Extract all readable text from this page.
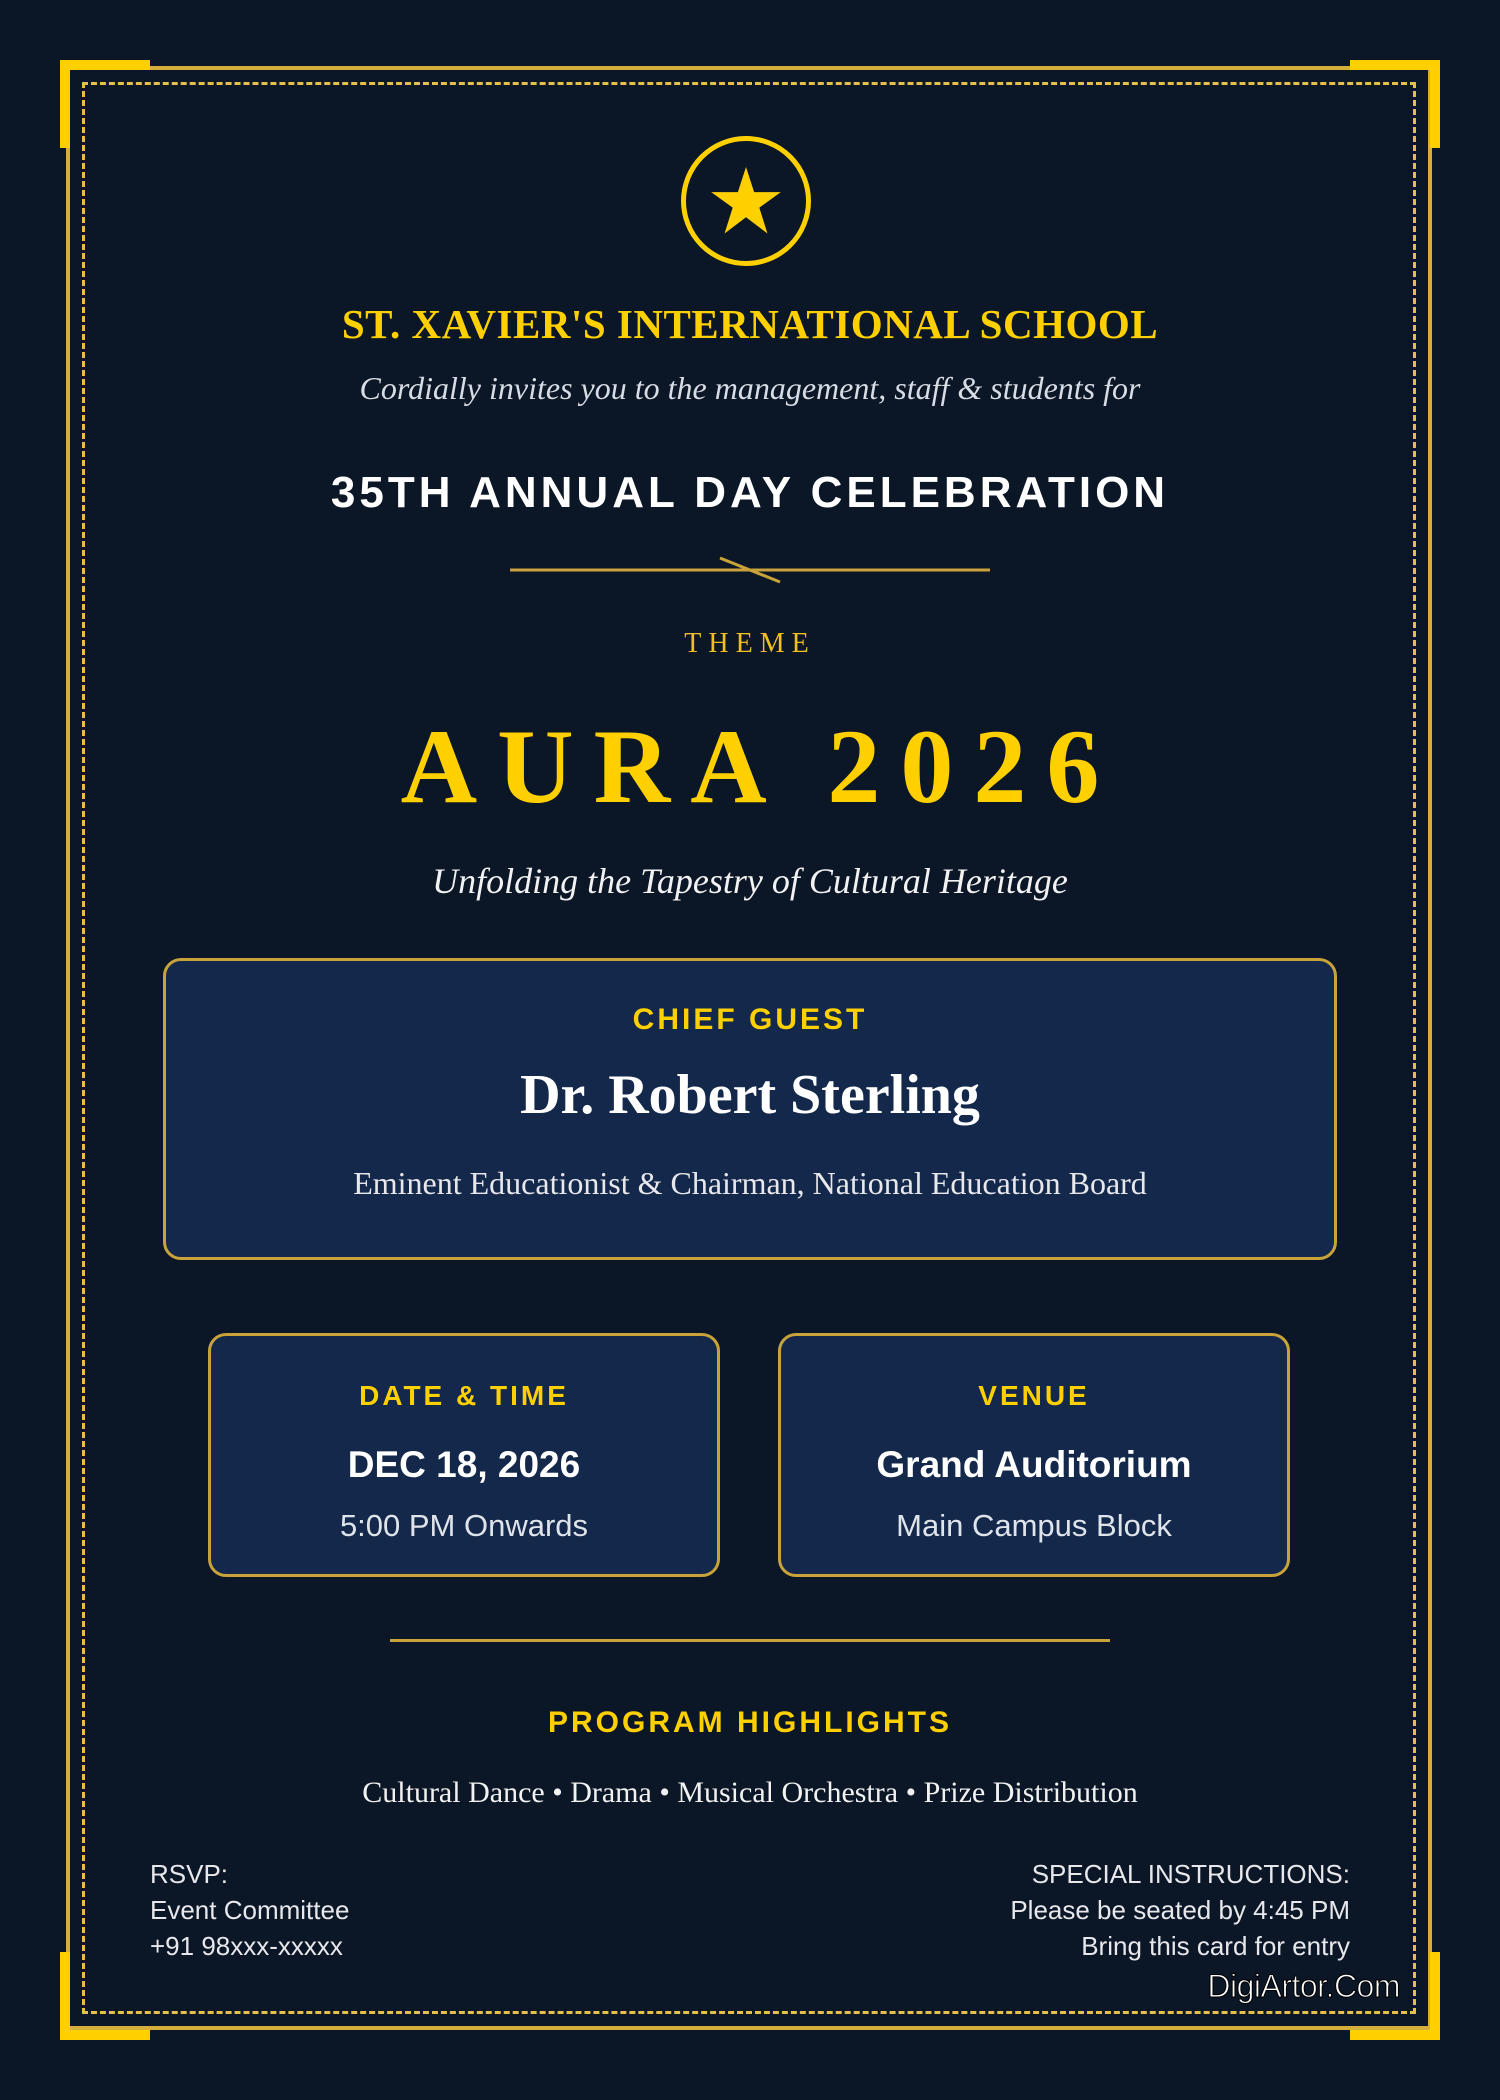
ST. XAVIER'S INTERNATIONAL SCHOOL
Cordially invites you to the management, staff & students for
35TH ANNUAL DAY CELEBRATION
THEME
AURA 2026
Unfolding the Tapestry of Cultural Heritage
CHIEF GUEST
Dr. Robert Sterling
Eminent Educationist & Chairman, National Education Board
DATE & TIME
DEC 18, 2026
5:00 PM Onwards
VENUE
Grand Auditorium
Main Campus Block
PROGRAM HIGHLIGHTS
Cultural Dance • Drama • Musical Orchestra • Prize Distribution
RSVP:
Event Committee
+91 98xxx-xxxxx
SPECIAL INSTRUCTIONS:
Please be seated by 4:45 PM
Bring this card for entry
DigiArtor.Com
